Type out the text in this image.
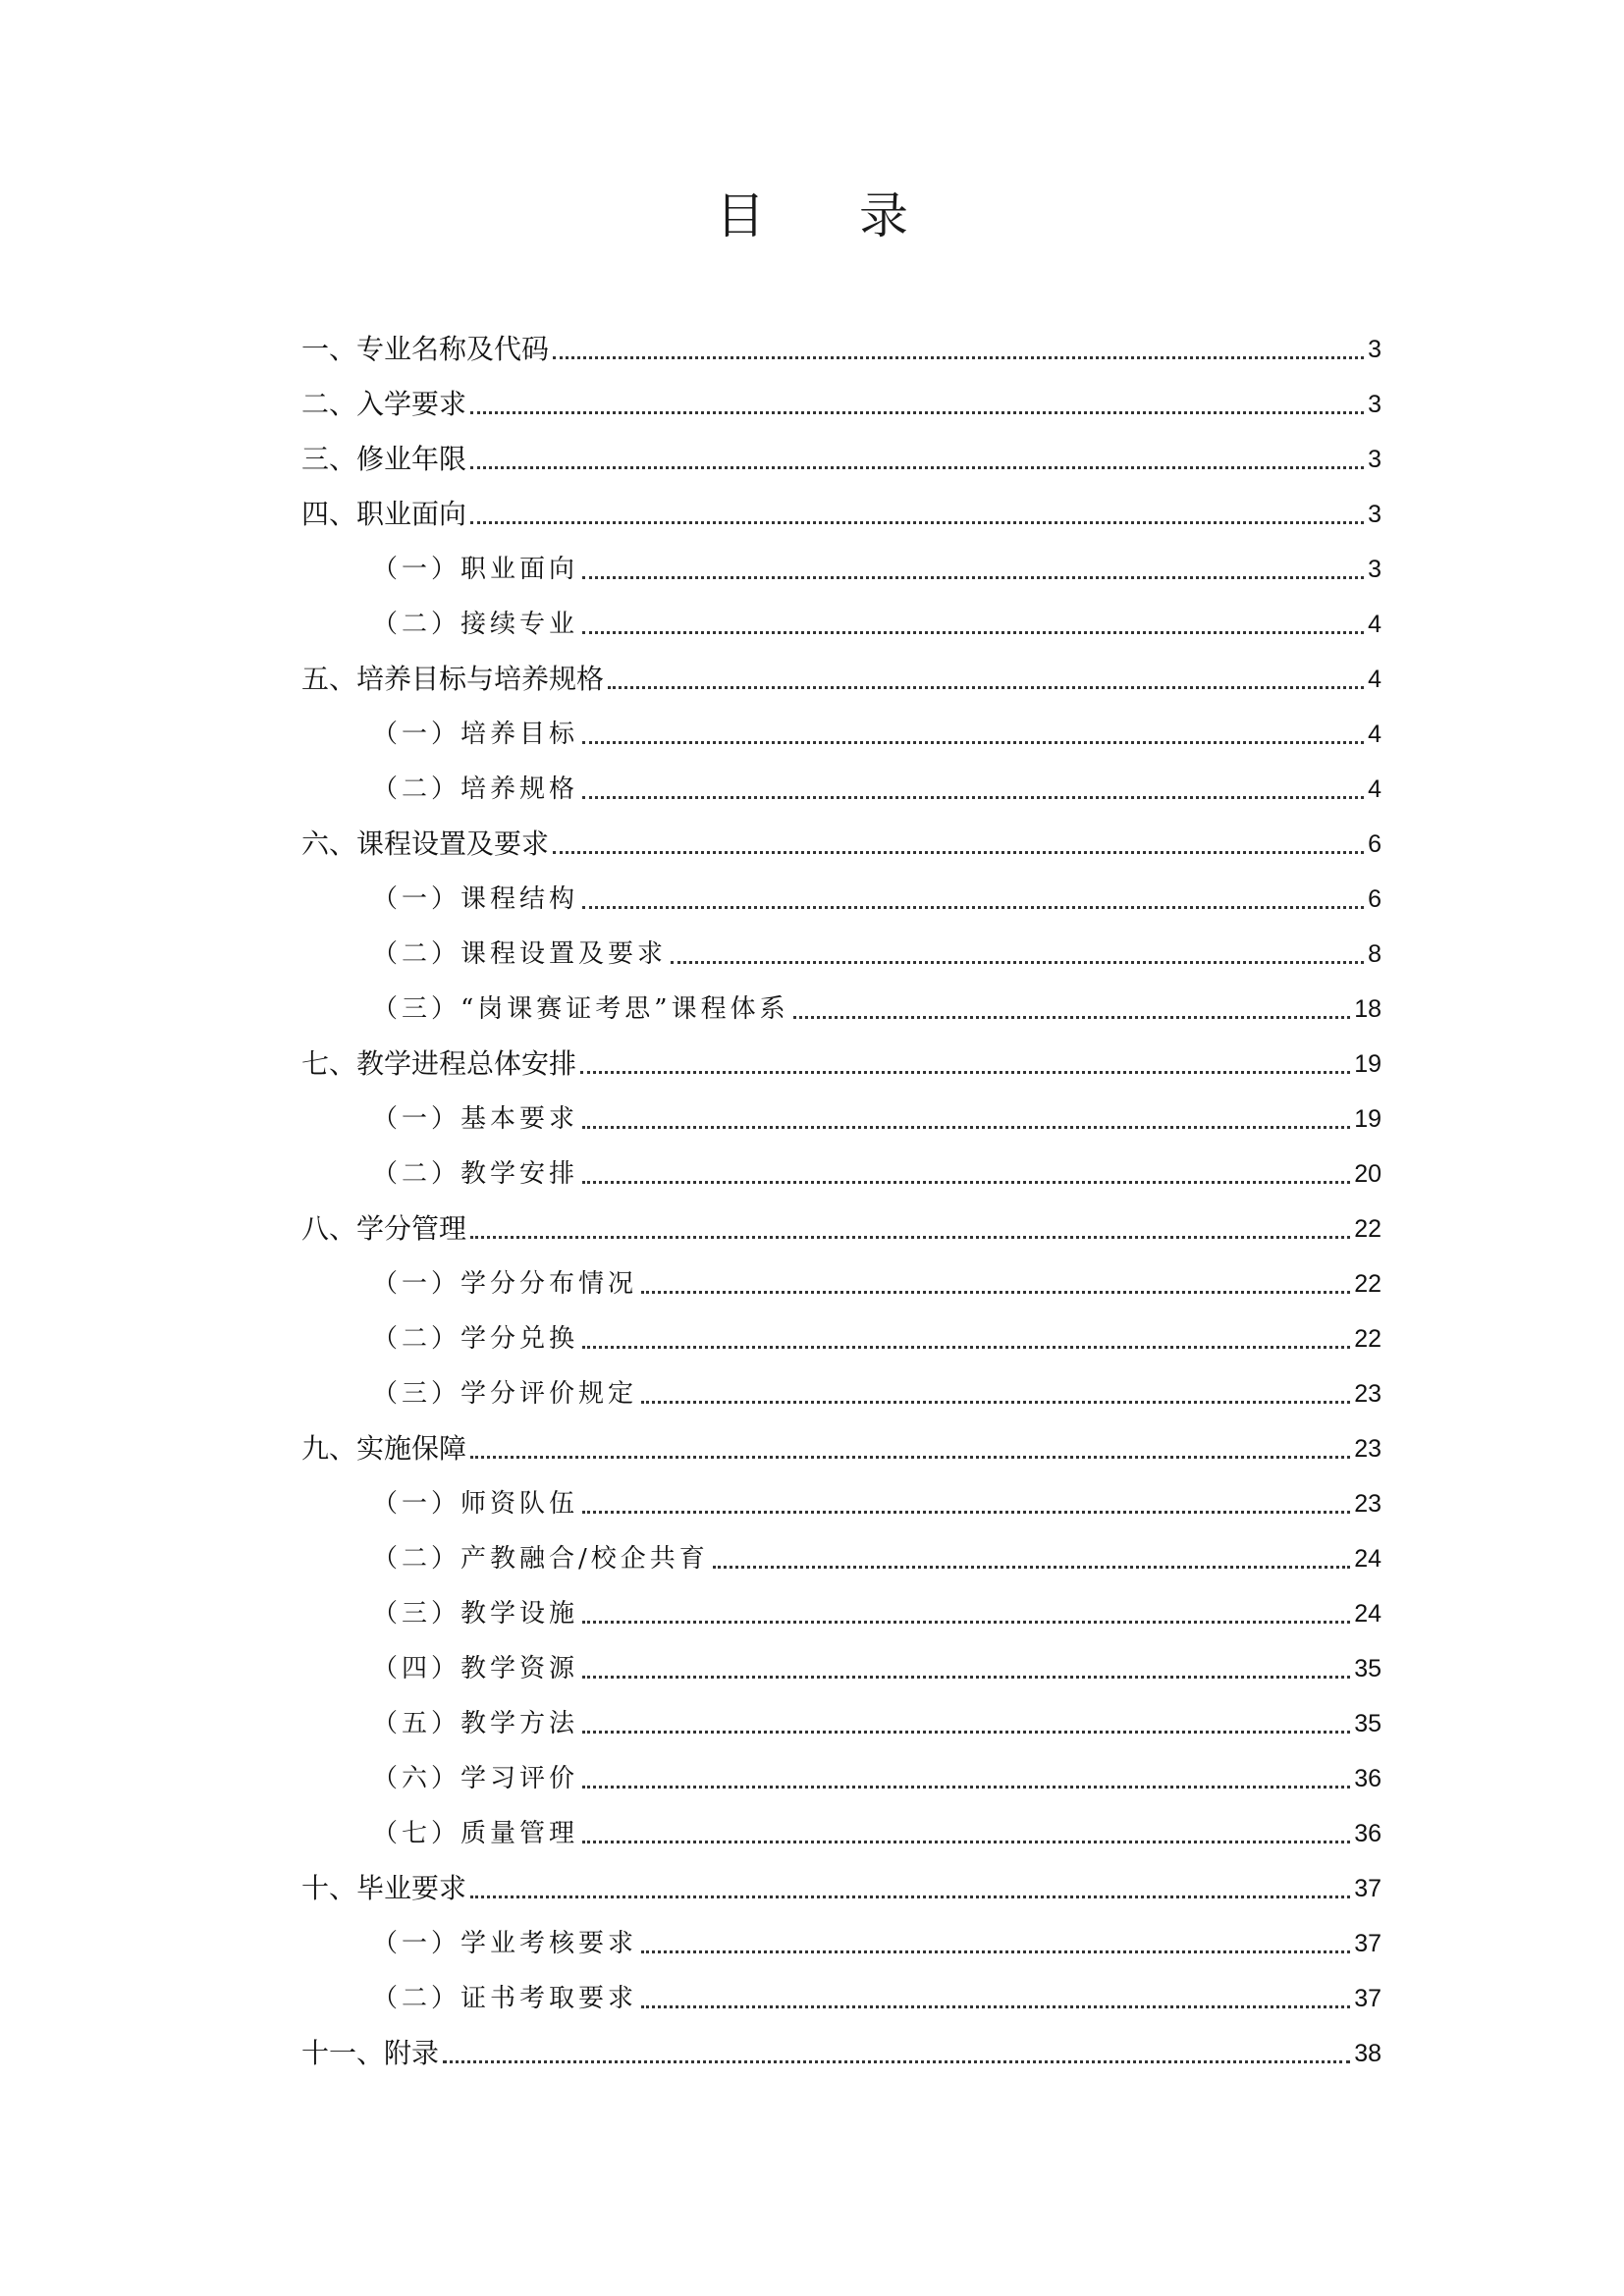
目 录
一、专业名称及代码	3
二、入学要求	3
三、修业年限	3
四、职业面向	3
（一）职业面向	3
（二）接续专业	4
五、培养目标与培养规格	4
（一）培养目标	4
（二）培养规格	4
六、课程设置及要求	6
（一）课程结构	6
（二）课程设置及要求	8
（三）“岗课赛证考思”课程体系	18
七、教学进程总体安排	19
（一）基本要求	19
（二）教学安排	20
八、学分管理	22
（一）学分分布情况	22
（二）学分兑换	22
（三）学分评价规定	23
九、实施保障	23
（一）师资队伍	23
（二）产教融合/校企共育	24
（三）教学设施	24
（四）教学资源	35
（五）教学方法	35
（六）学习评价	36
（七）质量管理	36
十、毕业要求	37
（一）学业考核要求	37
（二）证书考取要求	37
十一、附录	38
